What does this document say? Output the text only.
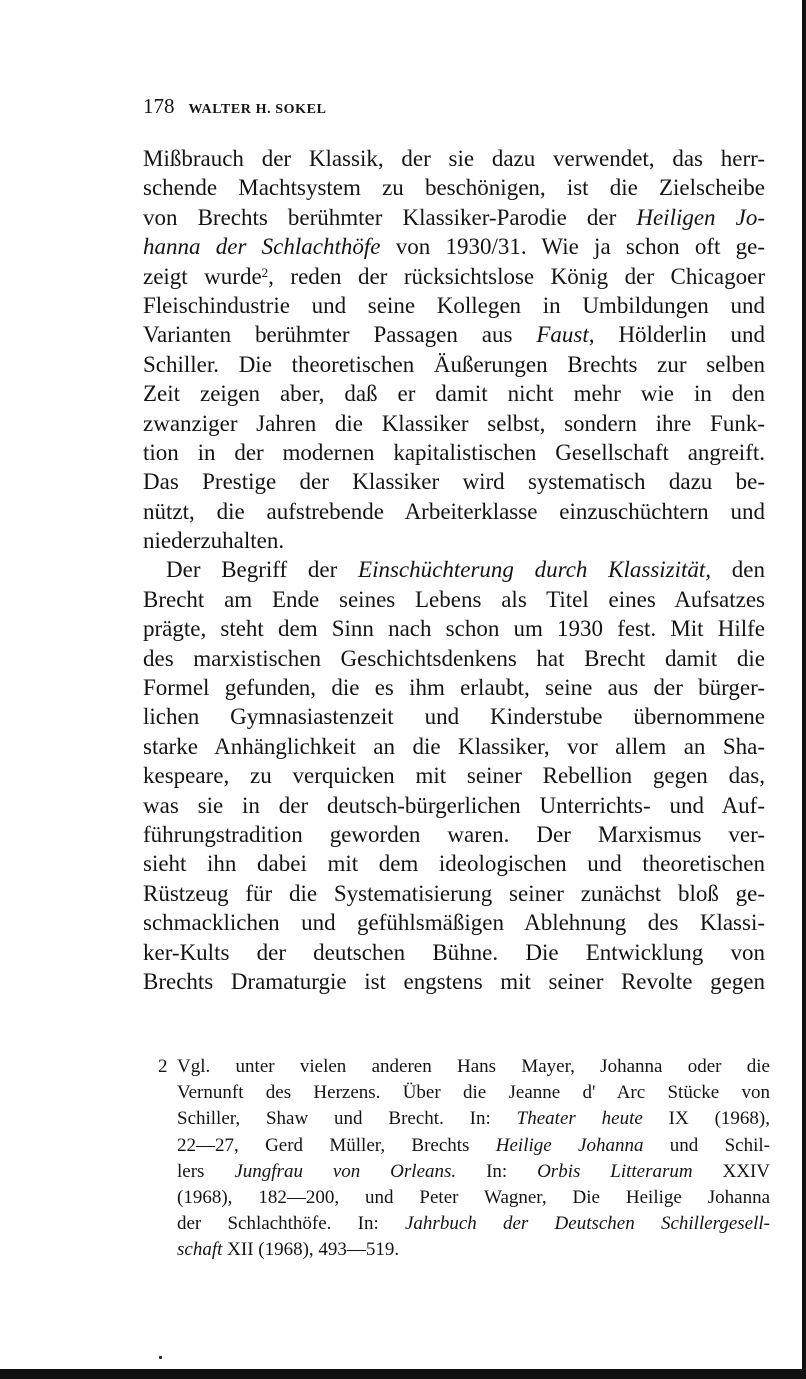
178 WALTER H. SOKEL
Mißbrauch der Klassik, der sie dazu verwendet, das herr-
schende Machtsystem zu beschönigen, ist die Zielscheibe
von Brechts berühmter Klassiker-Parodie der Heiligen Jo-
hanna der Schlachthöfe von 1930/31. Wie ja schon oft ge-
zeigt wurde$^2$, reden der rücksichtslose König der Chicagoer
Fleischindustrie und seine Kollegen in Umbildungen und
Varianten berühmter Passagen aus Faust, Hölderlin und
Schiller. Die theoretischen Äußerungen Brechts zur selben
Zeit zeigen aber, daß er damit nicht mehr wie in den
zwanziger Jahren die Klassiker selbst, sondern ihre Funk-
tion in der modernen kapitalistischen Gesellschaft angreift.
Das Prestige der Klassiker wird systematisch dazu be-
nützt, die aufstrebende Arbeiterklasse einzuschüchtern und
niederzuhalten.
Der Begriff der Einschüchterung durch Klassizität, den
Brecht am Ende seines Lebens als Titel eines Aufsatzes
prägte, steht dem Sinn nach schon um 1930 fest. Mit Hilfe
des marxistischen Geschichtsdenkens hat Brecht damit die
Formel gefunden, die es ihm erlaubt, seine aus der bürger-
lichen Gymnasiastenzeit und Kinderstube übernommene
starke Anhänglichkeit an die Klassiker, vor allem an Sha-
kespeare, zu verquicken mit seiner Rebellion gegen das,
was sie in der deutsch-bürgerlichen Unterrichts- und Auf-
führungstradition geworden waren. Der Marxismus ver-
sieht ihn dabei mit dem ideologischen und theoretischen
Rüstzeug für die Systematisierung seiner zunächst bloß ge-
schmacklichen und gefühlsmäßigen Ablehnung des Klassi-
ker-Kults der deutschen Bühne. Die Entwicklung von
Brechts Dramaturgie ist engstens mit seiner Revolte gegen
2 Vgl. unter vielen anderen Hans Mayer, Johanna oder die
Vernunft des Herzens. Über die Jeanne d' Arc Stücke von
Schiller, Shaw und Brecht. In: Theater heute IX (1968),
22—27, Gerd Müller, Brechts Heilige Johanna und Schil-
lers Jungfrau von Orleans. In: Orbis Litterarum XXIV
(1968), 182—200, und Peter Wagner, Die Heilige Johanna
der Schlachthöfe. In: Jahrbuch der Deutschen Schillergesell-
schaft XII (1968), 493—519.
